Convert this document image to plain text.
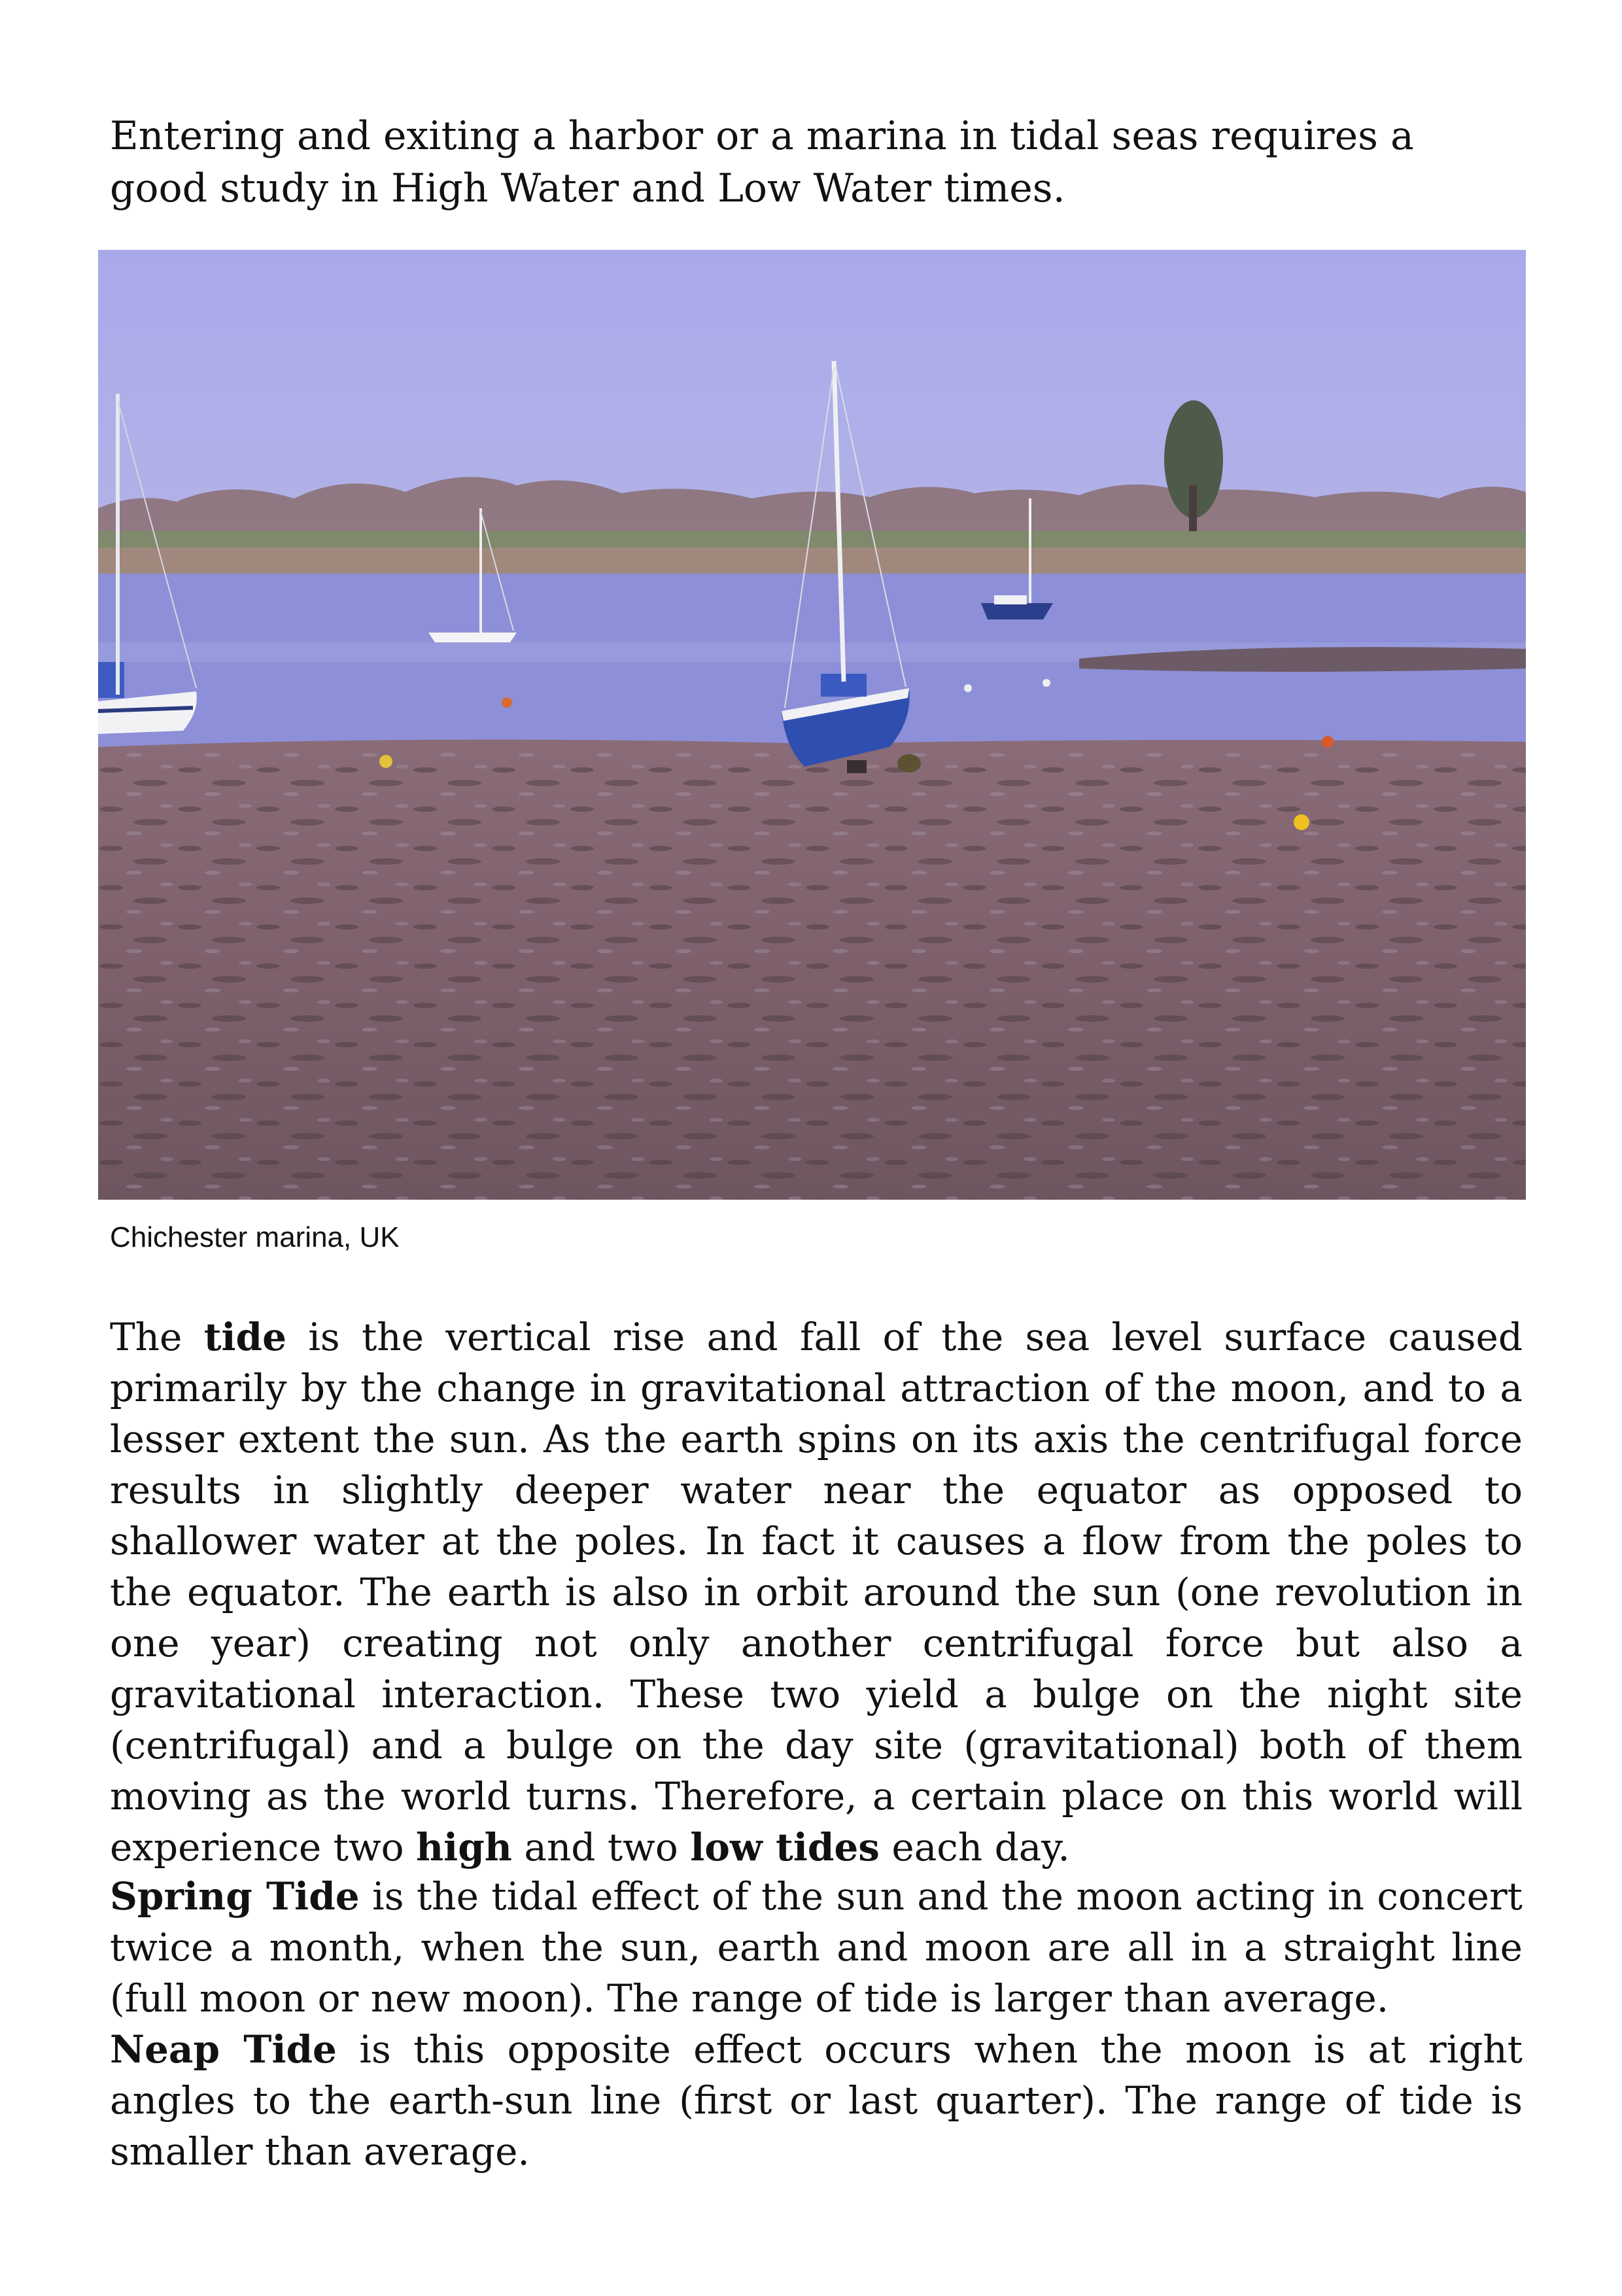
Entering and exiting a harbor or a marina in tidal seas requires a good study in High Water and Low Water times.

Chichester marina, UK

The tide is the vertical rise and fall of the sea level surface caused primarily by the change in gravitational attraction of the moon, and to a lesser extent the sun. As the earth spins on its axis the centrifugal force results in slightly deeper water near the equator as opposed to shallower water at the poles. In fact it causes a flow from the poles to the equator. The earth is also in orbit around the sun (one revolution in one year) creating not only another centrifugal force but also a gravitational interaction. These two yield a bulge on the night site (centrifugal) and a bulge on the day site (gravitational) both of them moving as the world turns. Therefore, a certain place on this world will experience two high and two low tides each day.

Spring Tide is the tidal effect of the sun and the moon acting in concert twice a month, when the sun, earth and moon are all in a straight line (full moon or new moon). The range of tide is larger than average.

Neap Tide is this opposite effect occurs when the moon is at right angles to the earth-sun line (first or last quarter). The range of tide is smaller than average.
